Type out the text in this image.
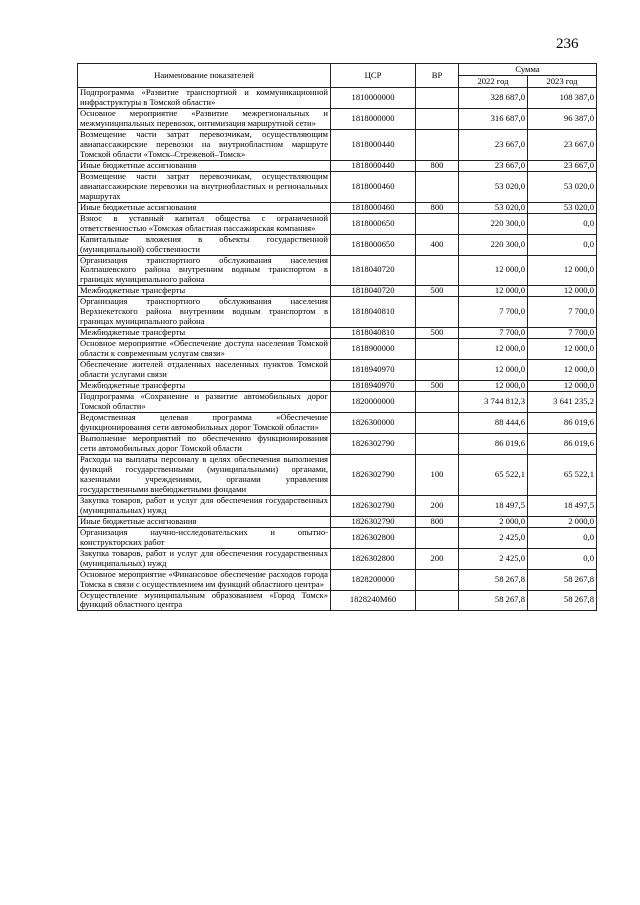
236
Наименование показателей	ЦСР	ВР	Сумма	
			2022 год	2023 год
Подпрограмма «Развитие транспортной и коммуникационной инфраструктуры в Томской области»	1810000000		328 687,0	108 387,0
Основное мероприятие «Развитие межрегиональных и межмуниципальных перевозок, оптимизация маршрутной сети»	1818000000		316 687,0	96 387,0
Возмещение части затрат перевозчикам, осуществляющим авиапассажирские перевозки на внутриобластном маршруте Томской области «Томск–Стрежевой–Томск»	1818000440		23 667,0	23 667,0
Иные бюджетные ассигнования	1818000440	800	23 667,0	23 667,0
Возмещение части затрат перевозчикам, осуществляющим авиапассажирские перевозки на внутриобластных и региональных маршрутах	1818000460		53 020,0	53 020,0
Иные бюджетные ассигнования	1818000460	800	53 020,0	53 020,0
Взнос в уставный капитал общества с ограниченной ответственностью «Томская областная пассажирская компания»	1818000650		220 300,0	0,0
Капитальные вложения в объекты государственной (муниципальной) собственности	1818000650	400	220 300,0	0,0
Организация транспортного обслуживания населения Колпашевского района внутренним водным транспортом в границах муниципального района	1818040720		12 000,0	12 000,0
Межбюджетные трансферты	1818040720	500	12 000,0	12 000,0
Организация транспортного обслуживания населения Верхнекетского района внутренним водным транспортом в границах муниципального района	1818040810		7 700,0	7 700,0
Межбюджетные трансферты	1818040810	500	7 700,0	7 700,0
Основное мероприятие «Обеспечение доступа населения Томской области к современным услугам связи»	1818900000		12 000,0	12 000,0
Обеспечение жителей отдаленных населенных пунктов Томской области услугами связи	1818940970		12 000,0	12 000,0
Межбюджетные трансферты	1818940970	500	12 000,0	12 000,0
Подпрограмма «Сохранение и развитие автомобильных дорог Томской области»	1820000000		3 744 812,3	3 641 235,2
Ведомственная целевая программа «Обеспечение функционирования сети автомобильных дорог Томской области»	1826300000		88 444,6	86 019,6
Выполнение мероприятий по обеспечению функционирования сети автомобильных дорог Томской области	1826302790		86 019,6	86 019,6
Расходы на выплаты персоналу в целях обеспечения выполнения функций государственными (муниципальными) органами, казенными учреждениями, органами управления государственными внебюджетными фондами	1826302790	100	65 522,1	65 522,1
Закупка товаров, работ и услуг для обеспечения государственных (муниципальных) нужд	1826302790	200	18 497,5	18 497,5
Иные бюджетные ассигнования	1826302790	800	2 000,0	2 000,0
Организация научно-исследовательских и опытно-конструкторских работ	1826302800		2 425,0	0,0
Закупка товаров, работ и услуг для обеспечения государственных (муниципальных) нужд	1826302800	200	2 425,0	0,0
Основное мероприятие «Финансовое обеспечение расходов города Томска в связи с осуществлением им функций областного центра»	1828200000		58 267,8	58 267,8
Осуществление муниципальным образованием «Город Томск» функций областного центра	1828240М60		58 267,8	58 267,8
